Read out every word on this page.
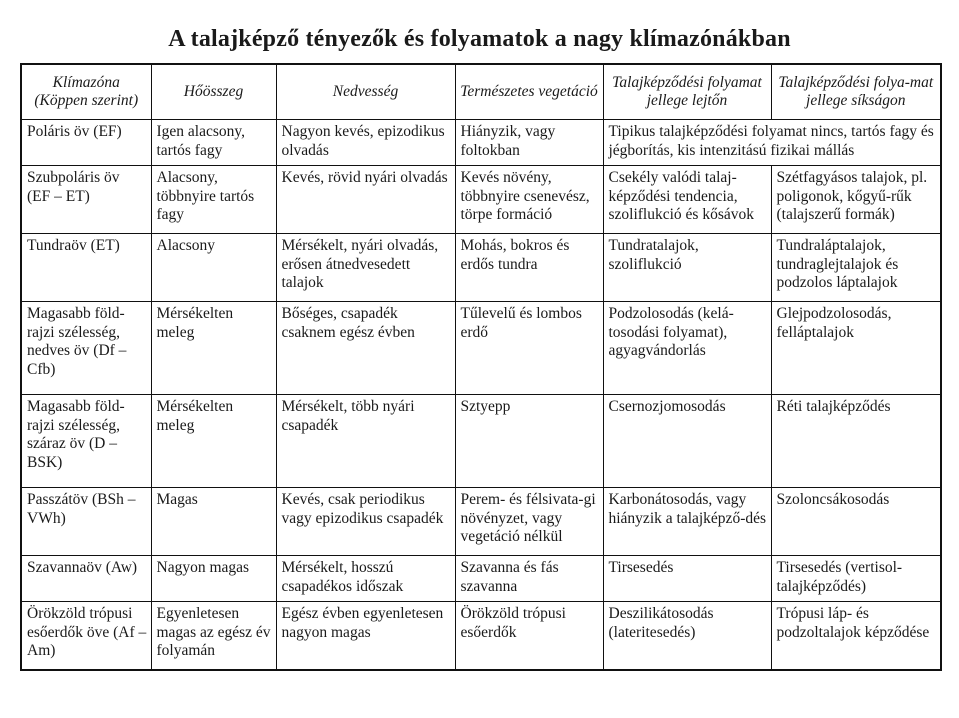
A talajképző tényezők és folyamatok a nagy klímazónákban
Klímazóna (Köppen szerint)	Hőösszeg	Nedvesség	Természetes vegetáció	Talajképződési folyamat jellege lejtőn	Talajképződési folya-mat jellege síkságon
Poláris öv (EF)	Igen alacsony, tartós fagy	Nagyon kevés, epizodikus olvadás	Hiányzik, vagy foltokban	Tipikus talajképződési folyamat nincs, tartós fagy és jégborítás, kis intenzitású fizikai mállás	
Szubpoláris öv (EF – ET)	Alacsony, többnyire tartós fagy	Kevés, rövid nyári olvadás	Kevés növény, többnyire csenevész, törpe formáció	Csekély valódi talaj-képződési tendencia, szoliflukció és kősávok	Szétfagyásos talajok, pl. poligonok, kőgyű-rűk (talajszerű formák)
Tundraöv (ET)	Alacsony	Mérsékelt, nyári olvadás, erősen átnedvesedett talajok	Mohás, bokros és erdős tundra	Tundratalajok, szoliflukció	Tundraláptalajok, tundraglejtalajok és podzolos láptalajok
Magasabb föld-rajzi szélesség, nedves öv (Df – Cfb)	Mérsékelten meleg	Bőséges, csapadék csaknem egész évben	Tűlevelű és lombos erdő	Podzolosodás (kelá-tosodási folyamat), agyagvándorlás	Glejpodzolosodás, felláptalajok
Magasabb föld-rajzi szélesség, száraz öv (D – BSK)	Mérsékelten meleg	Mérsékelt, több nyári csapadék	Sztyepp	Csernozjomosodás	Réti talajképződés
Passzátöv (BSh – VWh)	Magas	Kevés, csak periodikus vagy epizodikus csapadék	Perem- és félsivata-gi növényzet, vagy vegetáció nélkül	Karbonátosodás, vagy hiányzik a talajképző-dés	Szoloncsákosodás
Szavannaöv (Aw)	Nagyon magas	Mérsékelt, hosszú csapadékos időszak	Szavanna és fás szavanna	Tirsesedés	Tirsesedés (vertisol-talajképződés)
Örökzöld trópusi esőerdők öve (Af – Am)	Egyenletesen magas az egész év folyamán	Egész évben egyenletesen nagyon magas	Örökzöld trópusi esőerdők	Deszilikátosodás (lateritesedés)	Trópusi láp- és podzoltalajok képződése
